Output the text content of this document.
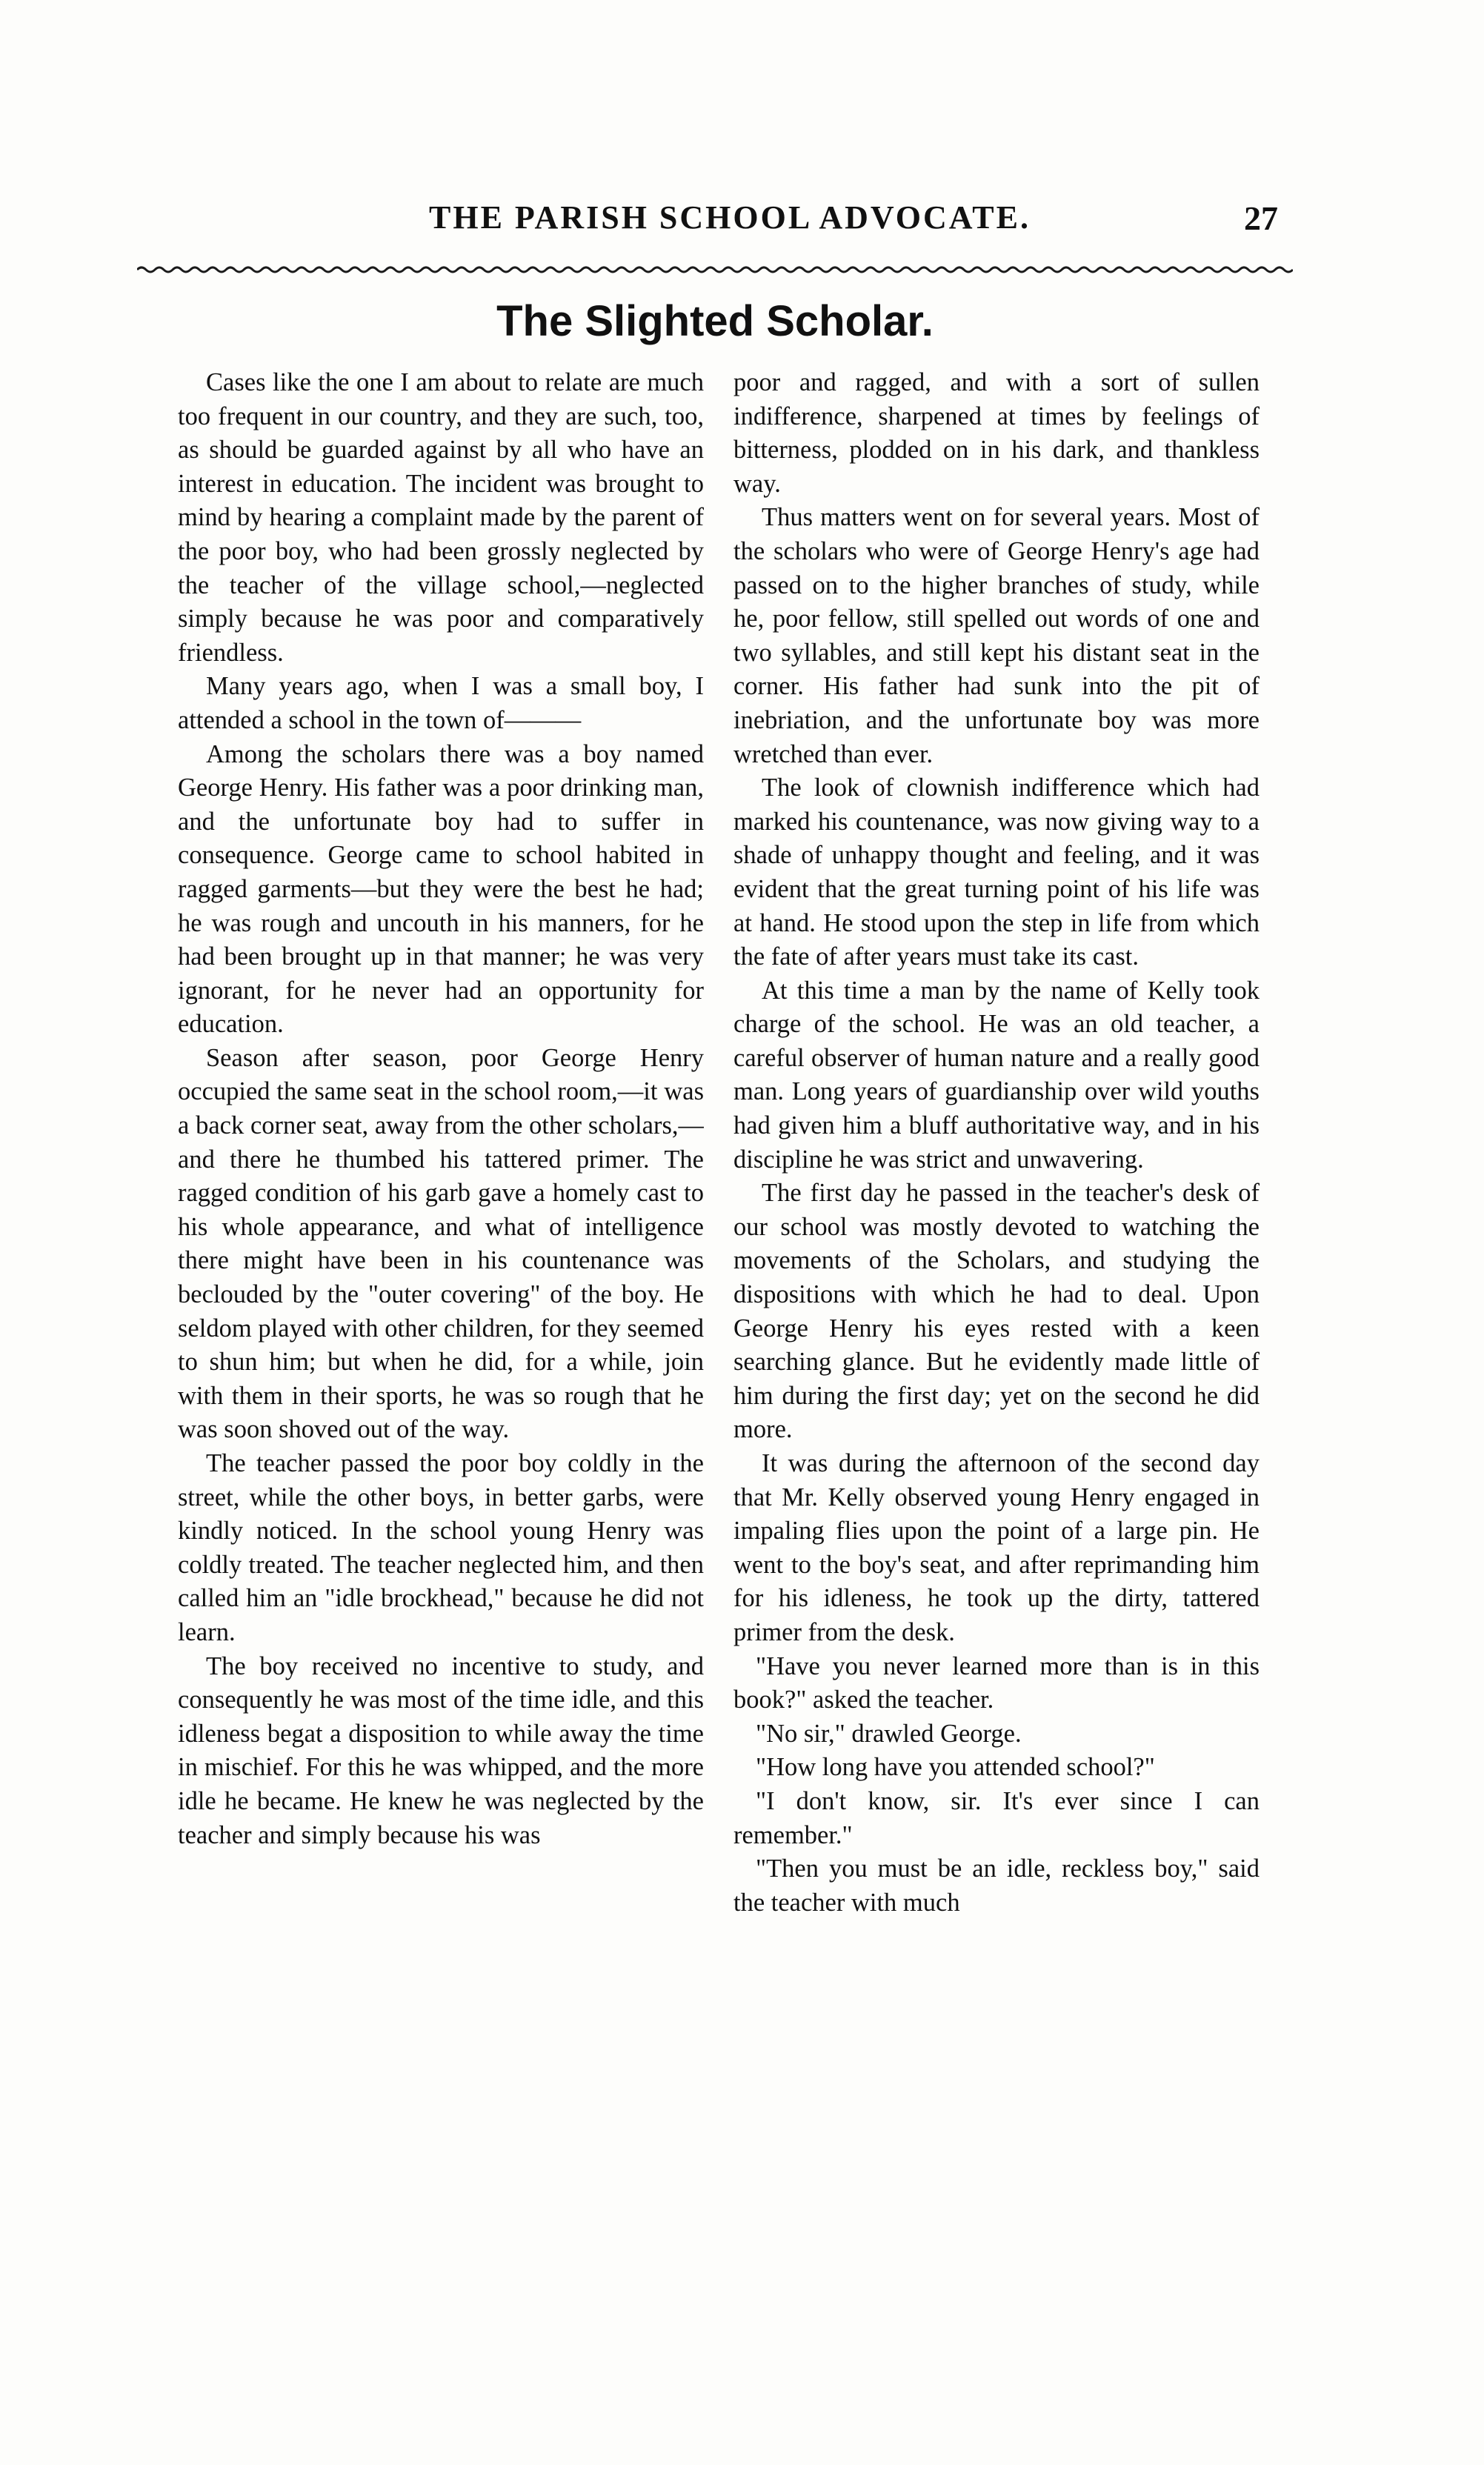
THE PARISH SCHOOL ADVOCATE.	27
The Slighted Scholar.

Cases like the one I am about to relate are much too frequent in our country, and they are such, too, as should be guarded against by all who have an interest in education. The incident was brought to mind by hearing a complaint made by the parent of the poor boy, who had been grossly neglected by the teacher of the village school,—neglected simply because he was poor and comparatively friendless.

Many years ago, when I was a small boy, I attended a school in the town of———

Among the scholars there was a boy named George Henry. His father was a poor drinking man, and the unfortunate boy had to suffer in consequence. George came to school habited in ragged garments—but they were the best he had; he was rough and uncouth in his manners, for he had been brought up in that manner; he was very ignorant, for he never had an opportunity for education.

Season after season, poor George Henry occupied the same seat in the school room,—it was a back corner seat, away from the other scholars,—and there he thumbed his tattered primer. The ragged condition of his garb gave a homely cast to his whole appearance, and what of intelligence there might have been in his countenance was beclouded by the "outer covering" of the boy. He seldom played with other children, for they seemed to shun him; but when he did, for a while, join with them in their sports, he was so rough that he was soon shoved out of the way.

The teacher passed the poor boy coldly in the street, while the other boys, in better garbs, were kindly noticed. In the school young Henry was coldly treated. The teacher neglected him, and then called him an "idle brockhead," because he did not learn.

The boy received no incentive to study, and consequently he was most of the time idle, and this idleness begat a disposition to while away the time in mischief. For this he was whipped, and the more idle he became. He knew he was neglected by the teacher and simply because his was

poor and ragged, and with a sort of sullen indifference, sharpened at times by feelings of bitterness, plodded on in his dark, and thankless way.

Thus matters went on for several years. Most of the scholars who were of George Henry's age had passed on to the higher branches of study, while he, poor fellow, still spelled out words of one and two syllables, and still kept his distant seat in the corner. His father had sunk into the pit of inebriation, and the unfortunate boy was more wretched than ever.

The look of clownish indifference which had marked his countenance, was now giving way to a shade of unhappy thought and feeling, and it was evident that the great turning point of his life was at hand. He stood upon the step in life from which the fate of after years must take its cast.

At this time a man by the name of Kelly took charge of the school. He was an old teacher, a careful observer of human nature and a really good man. Long years of guardianship over wild youths had given him a bluff authoritative way, and in his discipline he was strict and unwavering.

The first day he passed in the teacher's desk of our school was mostly devoted to watching the movements of the Scholars, and studying the dispositions with which he had to deal. Upon George Henry his eyes rested with a keen searching glance. But he evidently made little of him during the first day; yet on the second he did more.

It was during the afternoon of the second day that Mr. Kelly observed young Henry engaged in impaling flies upon the point of a large pin. He went to the boy's seat, and after reprimanding him for his idleness, he took up the dirty, tattered primer from the desk.

"Have you never learned more than is in this book?" asked the teacher.

"No sir," drawled George.

"How long have you attended school?"

"I don't know, sir. It's ever since I can remember."

"Then you must be an idle, reckless boy," said the teacher with much
